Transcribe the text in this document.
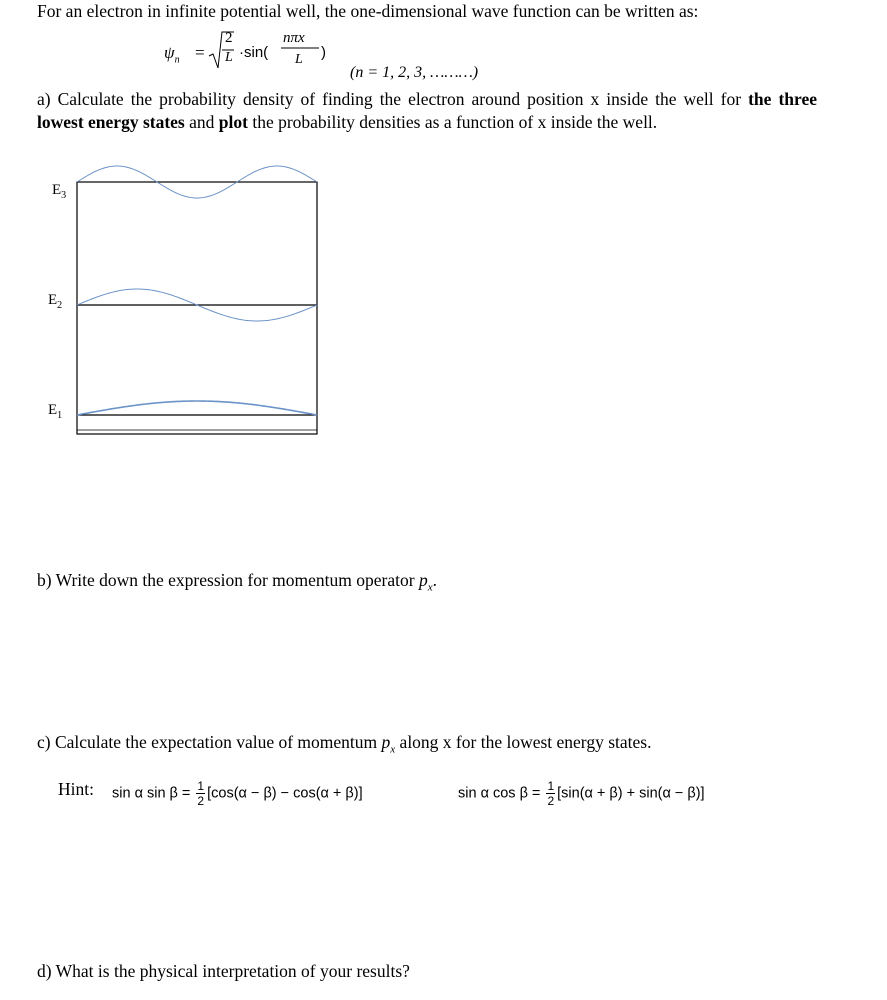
For an electron in infinite potential well, the one-dimensional wave function can be written as:
$\psi_n$ =
2
L ·sin(
nπx
L )
(n = 1, 2, 3, ………)
a) Calculate the probability density of finding the electron around position x inside the well for the three lowest energy states and plot the probability densities as a function of x inside the well.
$E_3$
$E_2$
$E_1$
b) Write down the expression for momentum operator $p_x$.
c) Calculate the expectation value of momentum $p_x$ along x for the lowest energy states.
Hint: sin α $\sin \beta = \frac{1}{2} [\cos(\alpha - \beta) - \cos(\alpha + \beta)]$	sin α $\cos \beta = \frac{1}{2} [\sin(\alpha + \beta) + \sin(\alpha - \beta)]$
d) What is the physical interpretation of your results?
